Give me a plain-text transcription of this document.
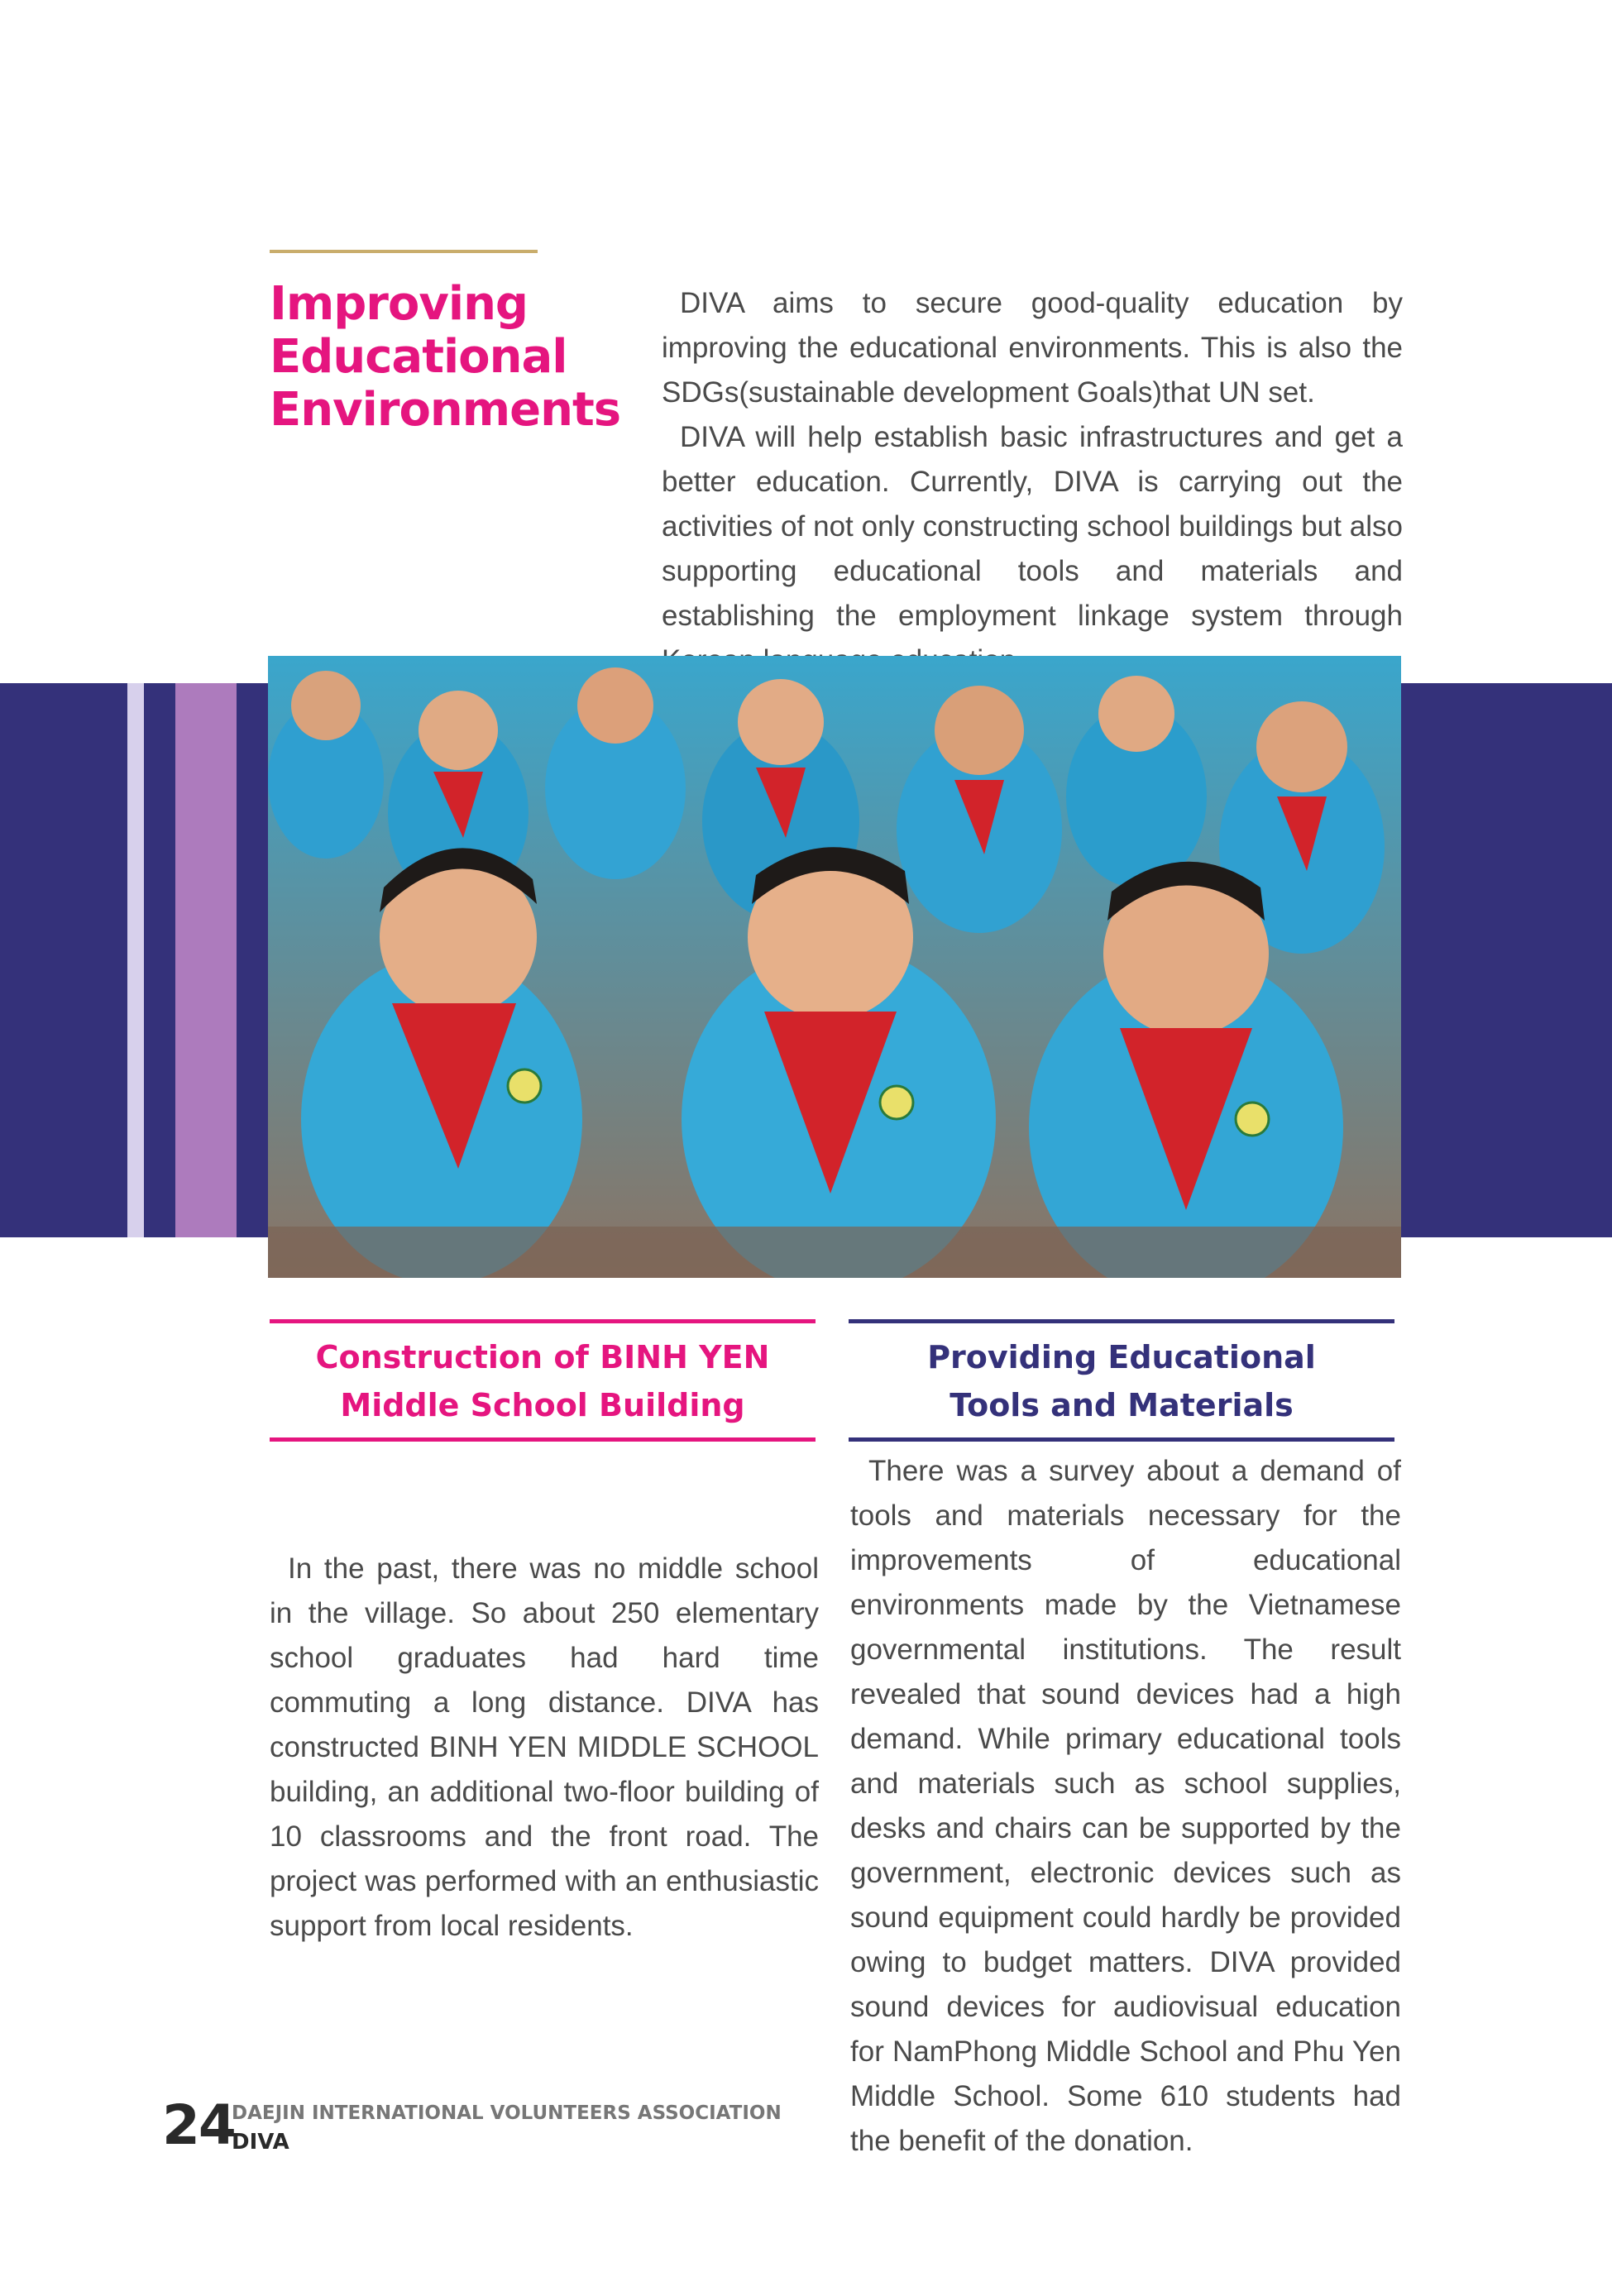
Improving
Educational
Environments

DIVA aims to secure good-quality education by improving the educational environments. This is also the SDGs(sustainable development Goals)that UN set.

DIVA will help establish basic infrastructures and get a better education. Currently, DIVA is carrying out the activities of not only constructing school buildings but also supporting educational tools and materials and establishing the employment linkage system through

Construction of BINH YEN
Middle School Building
Providing Educational
Tools and Materials

In the past, there was no middle school in the village. So about 250 elementary school graduates had hard time commuting a long distance. DIVA has constructed BINH YEN MIDDLE SCHOOL building, an additional two-floor building of 10 classrooms and the front road. The project was performed with an enthusiastic support from local residents.

There was a survey about a demand of tools and materials necessary for the improvements of educational environments made by the Vietnamese governmental institutions. The result revealed that sound devices had a high demand. While primary educational tools and materials such as school supplies, desks and chairs can be supported by the government, electronic devices such as sound equipment could hardly be provided owing to budget matters. DIVA provided sound devices for audiovisual education for NamPhong Middle School and Phu Yen Middle School. Some 610 students had the benefit of the donation.

24
DAEJIN INTERNATIONAL VOLUNTEERS ASSOCIATION
DIVA
